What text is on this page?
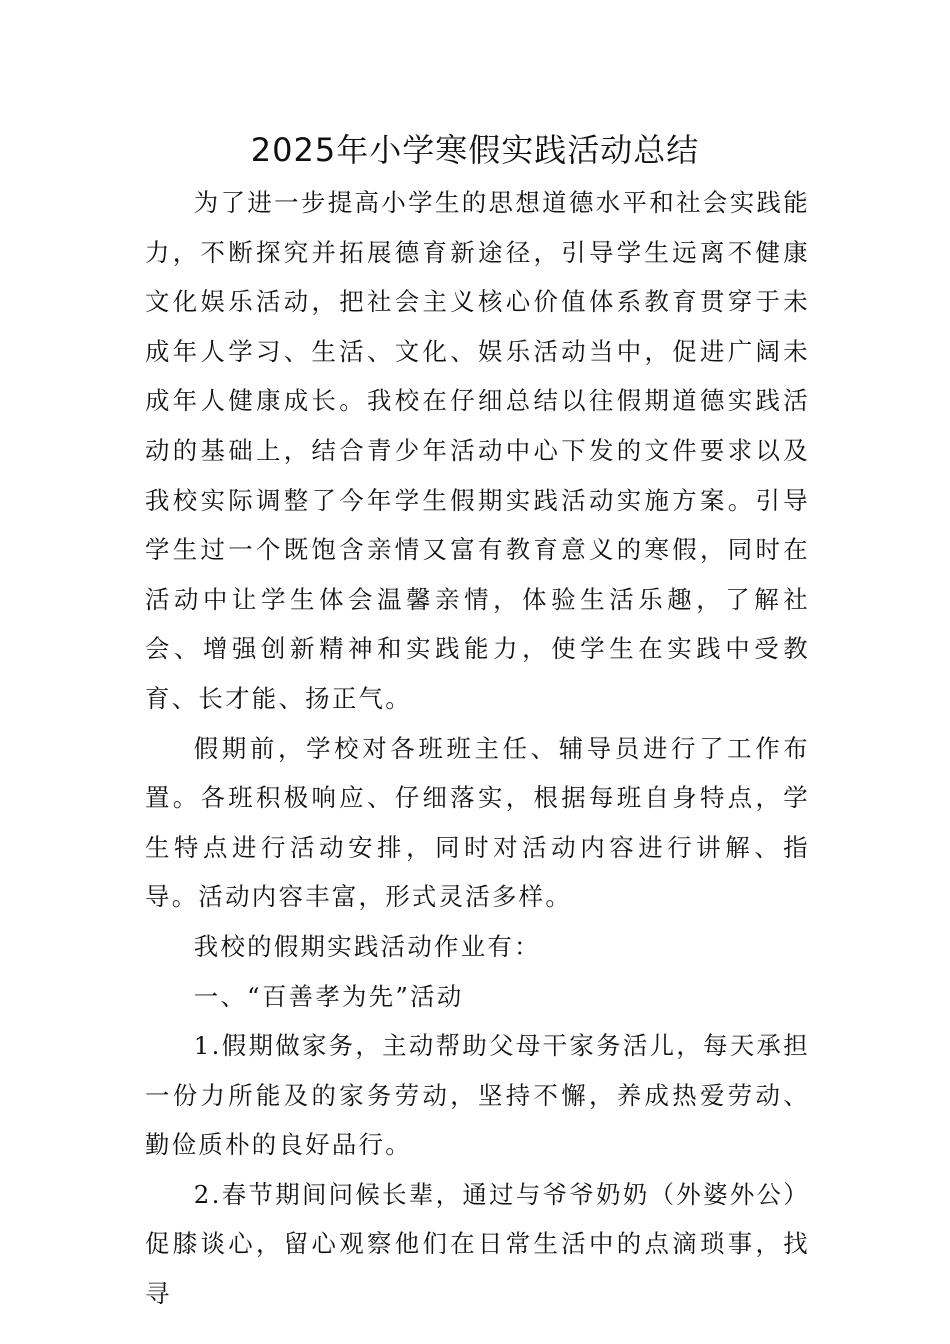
2025年小学寒假实践活动总结

为了进一步提高小学生的思想道德水平和社会实践能力，不断探究并拓展德育新途径，引导学生远离不健康文化娱乐活动，把社会主义核心价值体系教育贯穿于未成年人学习、生活、文化、娱乐活动当中，促进广阔未成年人健康成长。我校在仔细总结以往假期道德实践活动的基础上，结合青少年活动中心下发的文件要求以及我校实际调整了今年学生假期实践活动实施方案。引导学生过一个既饱含亲情又富有教育意义的寒假，同时在活动中让学生体会温馨亲情，体验生活乐趣，了解社会、增强创新精神和实践能力，使学生在实践中受教育、长才能、扬正气。

假期前，学校对各班班主任、辅导员进行了工作布置。各班积极响应、仔细落实，根据每班自身特点，学生特点进行活动安排，同时对活动内容进行讲解、指导。活动内容丰富，形式灵活多样。

我校的假期实践活动作业有：

一、“百善孝为先”活动

1.假期做家务，主动帮助父母干家务活儿，每天承担一份力所能及的家务劳动，坚持不懈，养成热爱劳动、勤俭质朴的良好品行。

2.春节期间问候长辈，通过与爷爷奶奶（外婆外公）促膝谈心，留心观察他们在日常生活中的点滴琐事，找寻
